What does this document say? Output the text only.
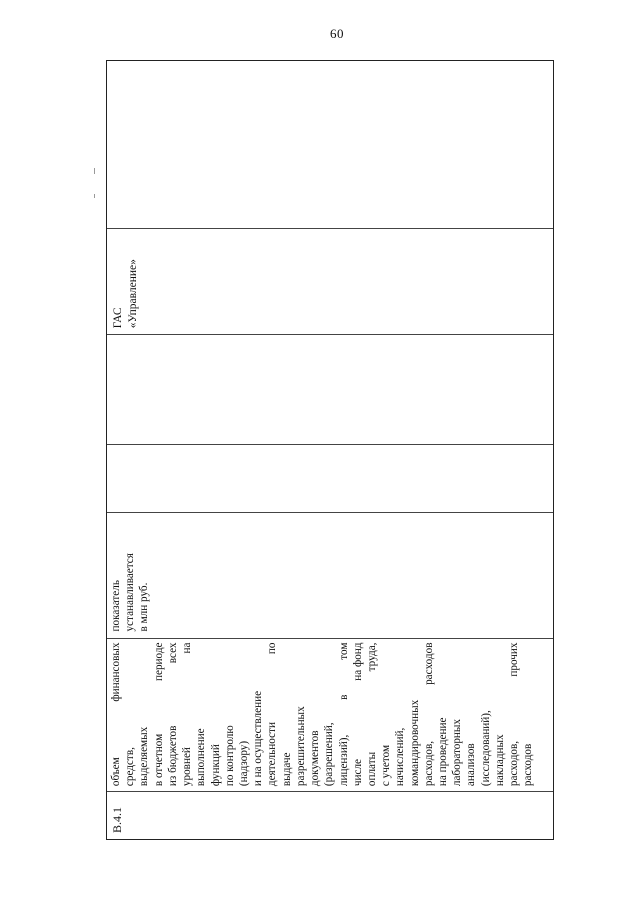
60
В.4.1
объем
финансовых
средств, выделяемых в отчетном
периоде
из бюджетов
всех
уровней
на
выполнение функций по контролю (надзору) и на осуществление деятельности
по
выдаче разрешительных документов (разрешений, лицензий),
в
том
числе
на фонд
оплаты
труда,
с учетом начислений, командировочных расходов,
расходов
на проведение лабораторных анализов (исследований), накладных расходов,
прочих
расходов
показатель устанавливается в млн руб.
ГАС «Управление»
